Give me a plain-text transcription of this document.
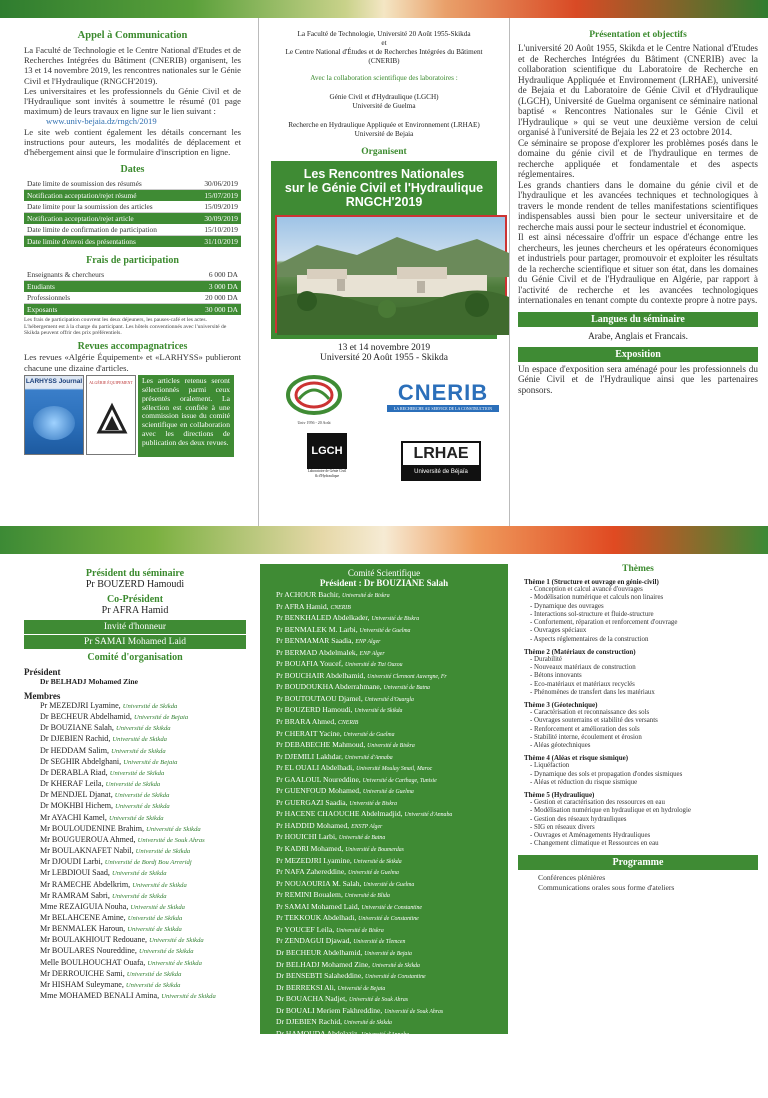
Appel à Communication

La Faculté de Technologie et le Centre National d'Etudes et de Recherches Intégrées du Bâtiment (CNERIB) organisent, les 13 et 14 novembre 2019, les rencontres nationales sur le Génie Civil et l'Hydraulique (RNGCH'2019).

Les universitaires et les professionnels du Génie Civil et de l'Hydraulique sont invités à soumettre le résumé (01 page maximum) de leurs travaux en ligne sur le lien suivant :

www.univ-bejaia.dz/rngch/2019

Le site web contient également les détails concernant les instructions pour auteurs, les modalités de déplacement et d'hébergement ainsi que le formulaire d'inscription en ligne.

Dates
Date limite de soumission des résumés	30/06/2019
Notification acceptation/rejet résumé	15/07/2019
Date limite pour la soumission des articles	15/09/2019
Notification acceptation/rejet article	30/09/2019
Date limite de confirmation de participation	15/10/2019
Date limite d'envoi des présentations	31/10/2019
Frais de participation
Enseignants & chercheurs	6 000 DA
Etudiants	3 000 DA
Professionnels	20 000 DA
Exposants	30 000 DA

Les frais de participation couvrent les deux déjeuners, les pauses-café et les actes. L'hébergement est à la charge du participant. Les hôtels conventionnés avec l'université de Skikda peuvent offrir des prix préférentiels.

Revues accompagnatrices

Les revues «Algérie Équipement» et «LARHYSS» publieront chacune une dizaine d'articles.

LARHYSS Journal	ALGÉRIE ÉQUIPEMENT	Les articles retenus seront sélectionnés parmi ceux présentés oralement. La sélection est confiée à une commission issue du comité scientifique en collaboration avec les directions de publication des deux revues.

La Faculté de Technologie, Université 20 Août 1955-Skikda

et

Le Centre National d'Études et de Recherches Intégrées du Bâtiment (CNERIB)

Avec la collaboration scientifique des laboratoires :

Génie Civil et d'Hydraulique (LGCH)

Université de Guelma

Recherche en Hydraulique Appliquée et Environnement (LRHAE)

Université de Bejaia

Organisent

Les Rencontres Nationales
sur le Génie Civil et l'Hydraulique
RNGCH'2019

13 et 14 novembre 2019

Université 20 Août 1955 - Skikda

Univ 1956 - 20 Août
CNERIB
LA RECHERCHE AU SERVICE DE LA CONSTRUCTION
LGCH
Laboratoire de Génie Civil & d'Hydraulique
LRHAE
Université de Béjaïa
Présentation et objectifs

L'université 20 Août 1955, Skikda et le Centre National d'Etudes et de Recherches Intégrées du Bâtiment (CNERIB) avec la collaboration scientifique du Laboratoire de Recherche en Hydraulique Appliquée et Environnement (LRHAE), université de Bejaia et du Laboratoire de Génie Civil et d'Hydraulique (LGCH), Université de Guelma organisent ce séminaire national baptisé « Rencontres Nationales sur le Génie Civil et l'Hydraulique » qui se veut une deuxième version de celui organisé à l'université de Bejaia les 22 et 23 octobre 2014.

Ce séminaire se propose d'explorer les problèmes posés dans le domaine du génie civil et de l'hydraulique en termes de recherche appliquée et fondamentale et des aspects réglementaires.

Les grands chantiers dans le domaine du génie civil et de l'hydraulique et les avancées techniques et technologiques à travers le monde rendent de telles manifestations scientifiques indispensables aussi bien pour le secteur universitaire et de recherche mais aussi pour le secteur industriel et économique.

Il est ainsi nécessaire d'offrir un espace d'échange entre les chercheurs, les jeunes chercheurs et les opérateurs économiques et industriels pour partager, promouvoir et exploiter les résultats de la recherche scientifique et situer son état, dans les domaines du Génie Civil et de l'Hydraulique en Algérie, par rapport à l'activité de recherche et les avancées technologiques internationales en tenant compte du contexte propre à notre pays.

Langues du séminaire

Arabe, Anglais et Francais.

Exposition

Un espace d'exposition sera aménagé pour les professionnels du Génie Civil et de l'Hydraulique ainsi que les partenaires sponsors.

Président du séminaire
Pr BOUZERD Hamoudi
Co-Président
Pr AFRA Hamid
Invité d'honneur
Pr SAMAI Mohamed Laid
Comité d'organisation
Président
Dr BELHADJ Mohamed Zine
Membres
Pr MEZEDJRI Lyamine, Université de Skikda
Dr BECHEUR Abdelhamid, Université de Bejaia
Dr BOUZIANE Salah, Université de Skikda
Dr DJEBIEN Rachid, Université de Skikda
Dr HEDDAM Salim, Université de Skikda
Dr SEGHIR Abdelghani, Université de Bejaia
Dr DERABLA Riad, Université de Skikda
Dr KHERAF Leila, Université de Skikda
Dr MENDJEL Djanat, Université de Skikda
Dr MOKHBI Hichem, Université de Skikda
Mr AYACHI Kamel, Université de Skikda
Mr BOULOUDENINE Brahim, Université de Skikda
Mr BOUGUEROUA Ahmed, Université de Souk Ahras
Mr BOULAKNAFET Nabil, Université de Skikda
Mr DJOUDI Larbi, Université de Bordj Bou Arreridj
Mr LEBDIOUI Saad, Université de Skikda
Mr RAMECHE Abdelkrim, Université de Skikda
Mr RAMRAM Sabri, Université de Skikda
Mme REZAIGUIA Nouha, Université de Skikda
Mr BELAHCENE Amine, Université de Skikda
Mr BENMALEK Haroun, Université de Skikda
Mr BOULAKHIOUT Redouane, Université de Skikda
Mr BOULARES Noureddine, Université de Skikda
Melle BOULHOUCHAT Ouafa, Université de Skikda
Mr DERROUICHE Sami, Université de Skikda
Mr HISHAM Suleymane, Université de Skikda
Mme MOHAMED BENALI Amina, Université de Skikda
Comité Scientifique
Président : Dr BOUZIANE Salah
Pr ACHOUR Bachir, Université de Biskra
Pr AFRA Hamid, CNERIB
Pr BENKHALED Abdelkader, Université de Biskra
Pr BENMALEK M. Larbi, Université de Guelma
Pr BENMAMAR Saadia, ENP Alger
Pr BERMAD Abdelmalek, ENP Alger
Pr BOUAFIA Youcef, Université de Tizi Ouzou
Pr BOUCHAIR Abdelhamid, Université Clermont Auvergne, Fr
Pr BOUDOUKHA Abderrahmane, Université de Batna
Pr BOUTOUTAOU Djamel, Université d'Ouargla
Pr BOUZERD Hamoudi, Université de Skikda
Pr BRARA Ahmed, CNERIB
Pr CHERAIT Yacine, Université de Guelma
Pr DEBABECHE Mahmoud, Université de Biskra
Pr DJEMILI Lakhdar, Université d'Annaba
Pr EL OUALI Abdelhadi, Université Moulay Smail, Maroc
Pr GAALOUL Noureddine, Université de Carthage, Tunisie
Pr GUENFOUD Mohamed, Université de Guelma
Pr GUERGAZI Saadia, Université de Biskra
Pr HACENE CHAOUCHE Abdelmadjid, Université d'Annaba
Pr HADDID Mohamed, ENSTP Alger
Pr HOUICHI Larbi, Université de Batna
Pr KADRI Mohamed, Université de Boumerdas
Pr MEZEDJRI Lyamine, Université de Skikda
Pr NAFA Zahereddine, Université de Guelma
Pr NOUAOURIA M. Salah, Université de Guelma
Pr REMINI Boualem, Université de Blida
Pr SAMAI Mohamed Laid, Université de Constantine
Pr TEKKOUK Abdelhadi, Université de Constantine
Pr YOUCEF Leila, Université de Biskra
Pr ZENDAGUI Djawad, Université de Tlemcen
Dr BECHEUR Abdelhamid, Université de Bejaia
Dr BELHADJ Mohamed Zine, Université de Skikda
Dr BENSEBTI Salaheddine, Université de Constantine
Dr BERREKSI Ali, Université de Bejaia
Dr BOUACHA Nadjet, Université de Souk Ahras
Dr BOUALI Meriem Fakhreddine, Université de Souk Ahras
Dr DJEBIEN Rachid, Université de Skikda
Dr HAMOUDA Abdelaziz, Université d'Annaba
Dr HEDDAM Salim, Université de Skikda
Dr KHECHANA Salim, Université d'El-Oued
Dr LEFKIR Abdelouahab, ENSTP Alger
Dr MESSAMEH Abdelhamid, Université de Skikda
Dr MEZOUAR Noureddine, CGS Alger
Thèmes
Thème 1 (Structure et ouvrage en génie-civil)
- Conception et calcul avancé d'ouvrages
- Modélisation numérique et calculs non linaires
- Dynamique des ouvrages
- Interactions sol-structure et fluide-structure
- Confortement, réparation et renforcement d'ouvrage
- Ouvrages spéciaux
- Aspects réglementaires de la construction
Thème 2 (Matériaux de construction)
- Durabilité
- Nouveaux matériaux de construction
- Bétons innovants
- Eco-matériaux et matériaux recyclés
- Phénomènes de transfert dans les matériaux
Thème 3 (Géotechnique)
- Caractérisation et reconnaissance des sols
- Ouvrages souterrains et stabilité des versants
- Renforcement et amélioration des sols
- Stabilité interne, écoulement et érosion
- Aléas géotechniques
Thème 4 (Aléas et risque sismique)
- Liquéfaction
- Dynamique des sols et propagation d'ondes sismiques
- Aléas et réduction du risque sismique
Thème 5 (Hydraulique)
- Gestion et caractérisation des ressources en eau
- Modélisation numérique en hydraulique et en hydrologie
- Gestion des réseaux hydrauliques
- SIG en réseaux divers
- Ouvrages et Aménagements Hydrauliques
- Changement climatique et Ressources en eau
Programme
Conférences plénières
Communications orales sous forme d'ateliers
